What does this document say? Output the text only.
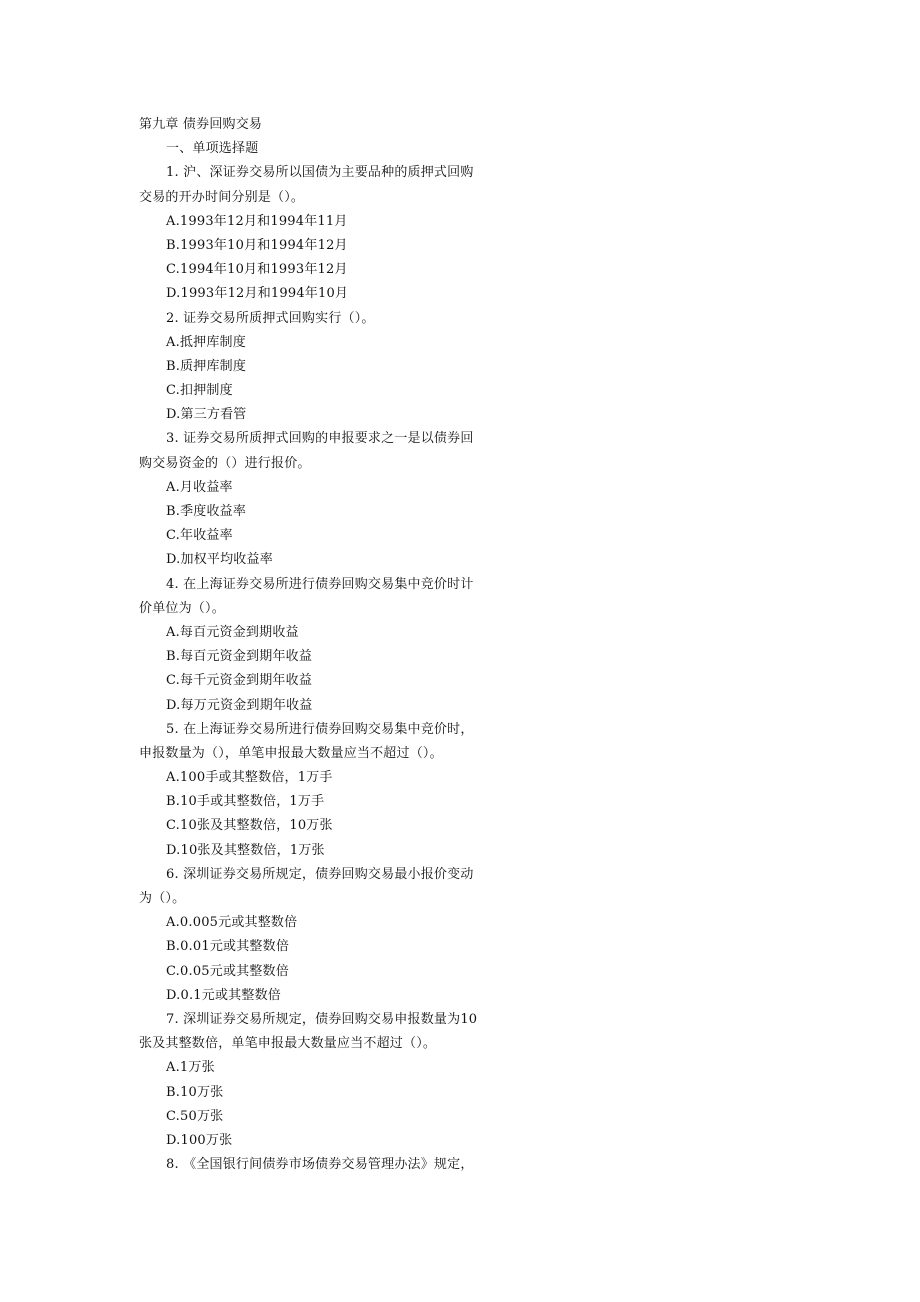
第九章 债券回购交易
一、单项选择题
1. 沪、深证券交易所以国债为主要品种的质押式回购
交易的开办时间分别是（）。
A.1993年12月和1994年11月
B.1993年10月和1994年12月
C.1994年10月和1993年12月
D.1993年12月和1994年10月
2. 证券交易所质押式回购实行（）。
A.抵押库制度
B.质押库制度
C.扣押制度
D.第三方看管
3. 证券交易所质押式回购的申报要求之一是以债券回
购交易资金的（）进行报价。
A.月收益率
B.季度收益率
C.年收益率
D.加权平均收益率
4. 在上海证券交易所进行债券回购交易集中竞价时计
价单位为（）。
A.每百元资金到期收益
B.每百元资金到期年收益
C.每千元资金到期年收益
D.每万元资金到期年收益
5. 在上海证券交易所进行债券回购交易集中竞价时，
申报数量为（），单笔申报最大数量应当不超过（）。
A.100手或其整数倍，1万手
B.10手或其整数倍，1万手
C.10张及其整数倍，10万张
D.10张及其整数倍，1万张
6. 深圳证券交易所规定，债券回购交易最小报价变动
为（）。
A.0.005元或其整数倍
B.0.01元或其整数倍
C.0.05元或其整数倍
D.0.1元或其整数倍
7. 深圳证券交易所规定，债券回购交易申报数量为10
张及其整数倍，单笔申报最大数量应当不超过（）。
A.1万张
B.10万张
C.50万张
D.100万张
8. 《全国银行间债券市场债券交易管理办法》规定，
